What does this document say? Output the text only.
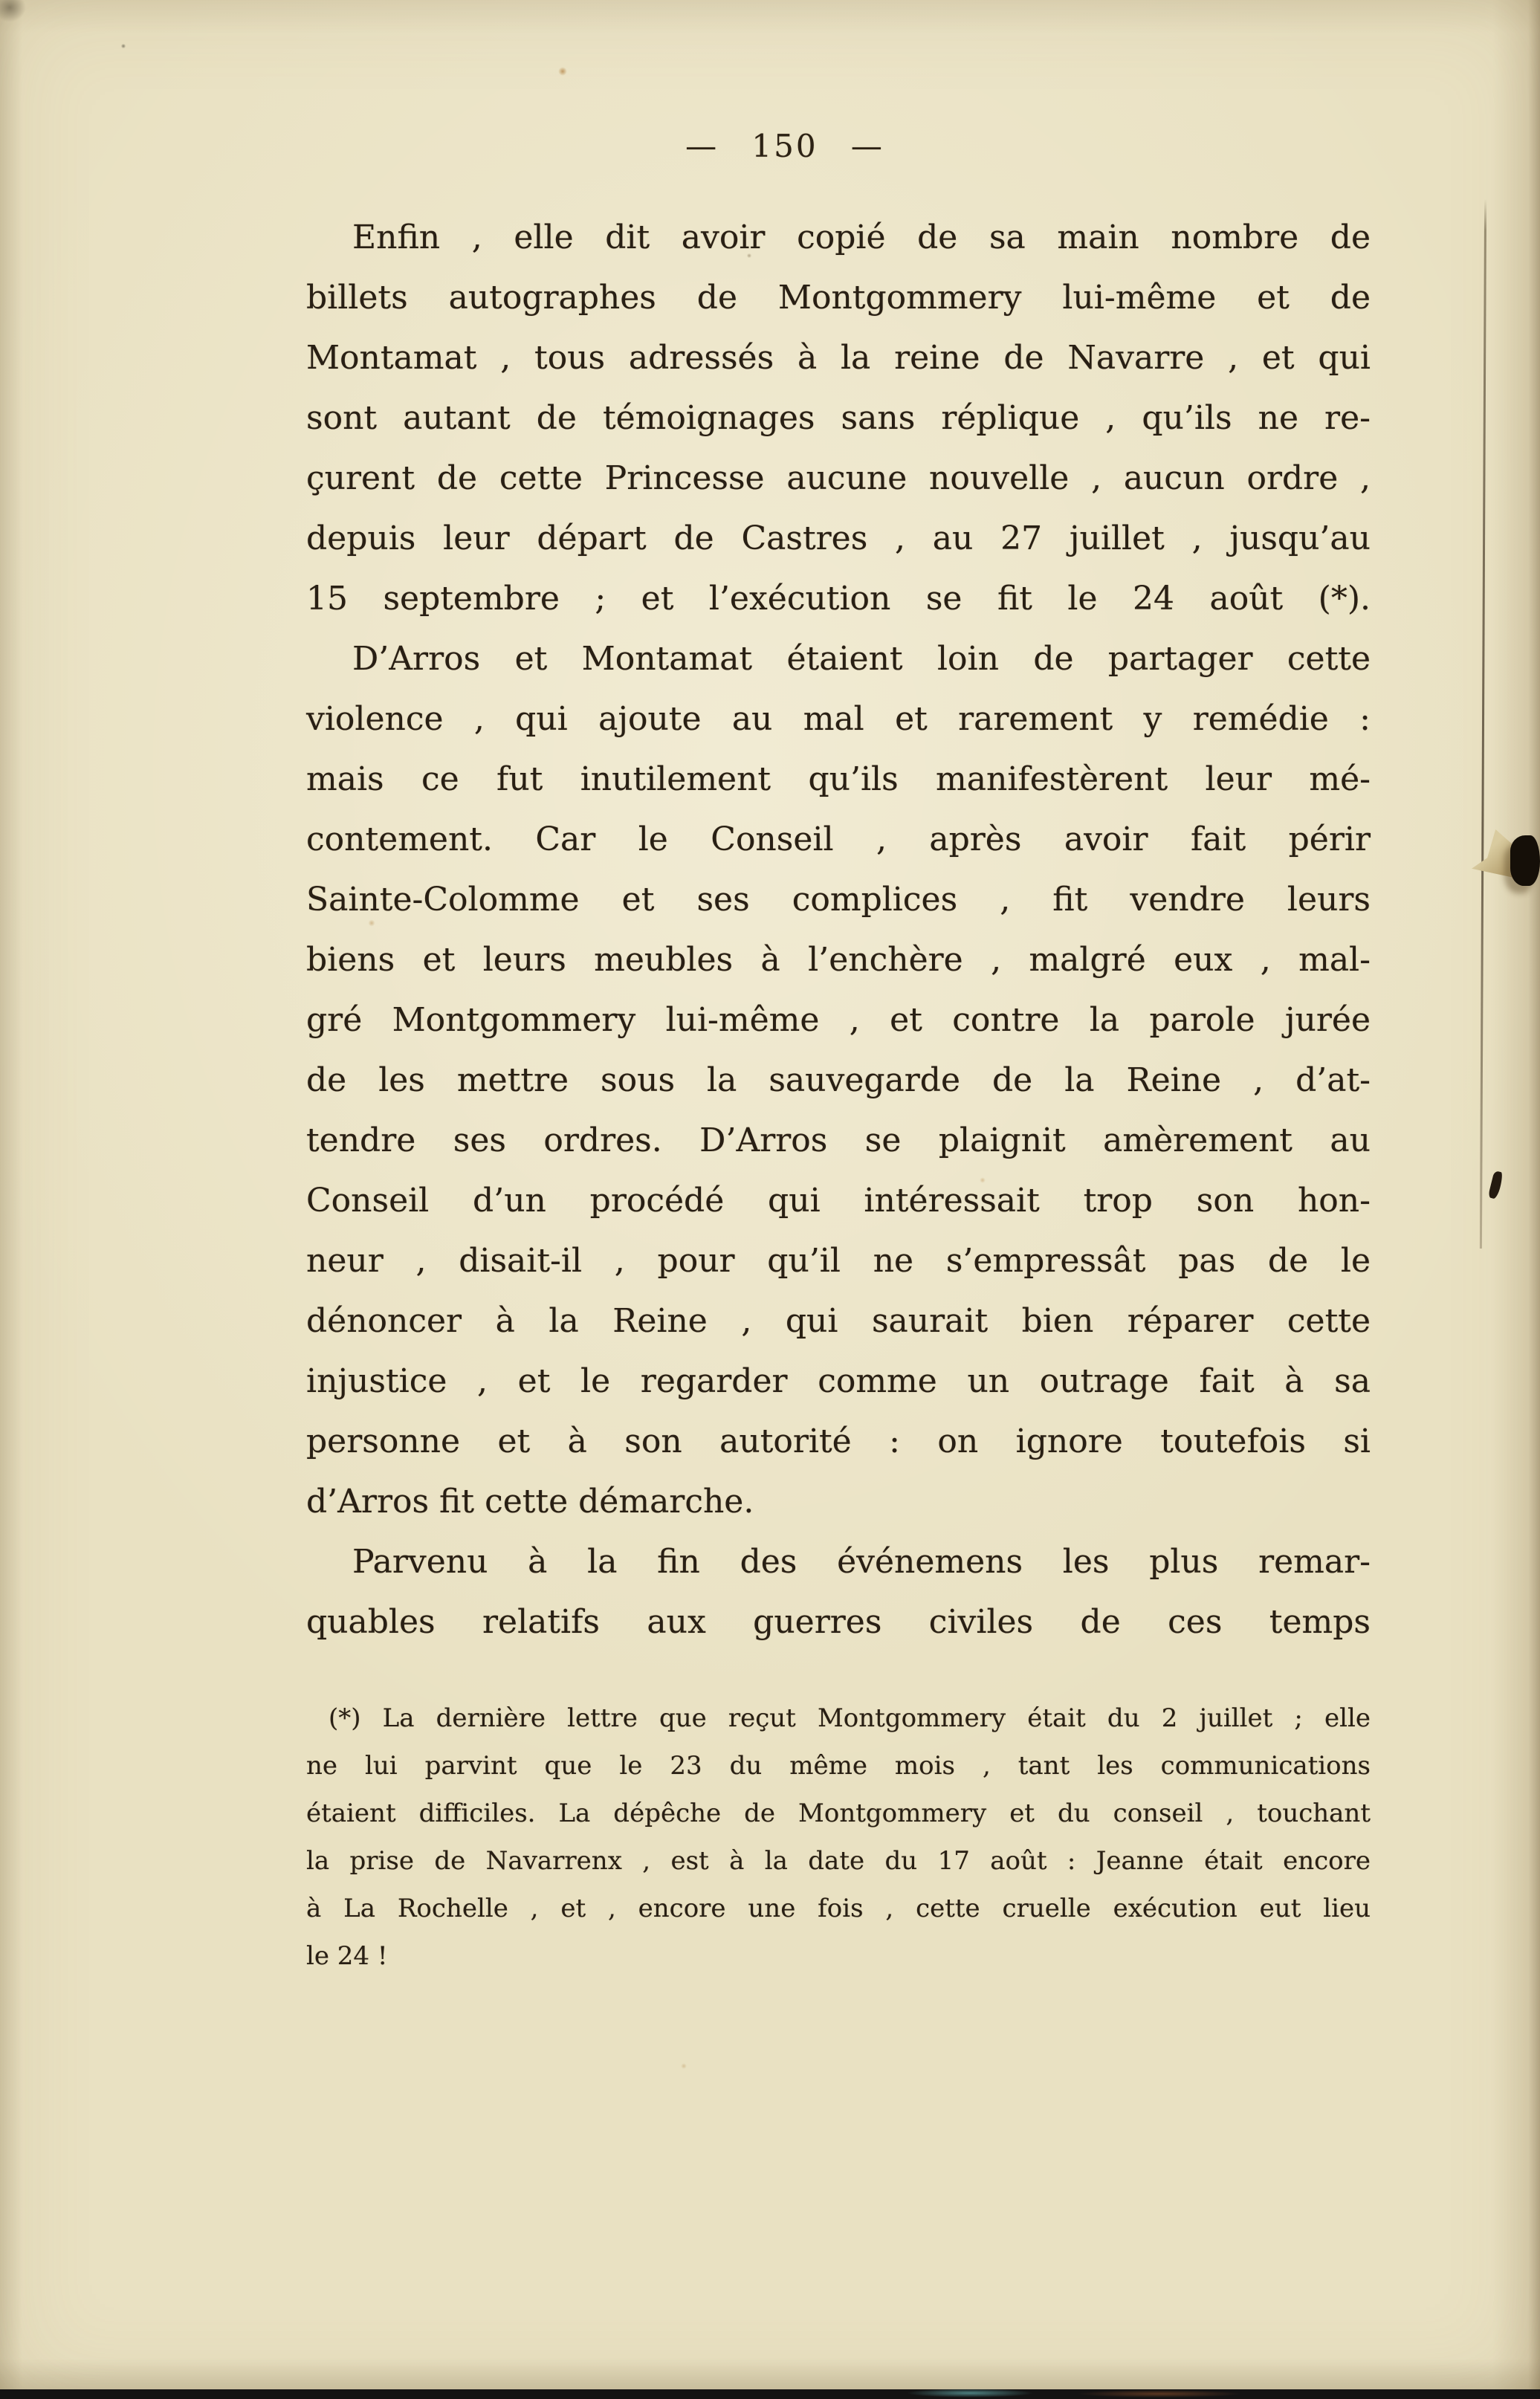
— 150 —
Enfin , elle dit avoir copié de sa main nombre de
billets autographes de Montgommery lui-même et de
Montamat , tous adressés à la reine de Navarre , et qui
sont autant de témoignages sans réplique , qu’ils ne re-
çurent de cette Princesse aucune nouvelle , aucun ordre ,
depuis leur départ de Castres , au 27 juillet , jusqu’au
15 septembre ; et l’exécution se fit le 24 août (*).
D’Arros et Montamat étaient loin de partager cette
violence , qui ajoute au mal et rarement y remédie :
mais ce fut inutilement qu’ils manifestèrent leur mé-
contement. Car le Conseil , après avoir fait périr
Sainte-Colomme et ses complices , fit vendre leurs
biens et leurs meubles à l’enchère , malgré eux , mal-
gré Montgommery lui-même , et contre la parole jurée
de les mettre sous la sauvegarde de la Reine , d’at-
tendre ses ordres. D’Arros se plaignit amèrement au
Conseil d’un procédé qui intéressait trop son hon-
neur , disait-il , pour qu’il ne s’empressât pas de le
dénoncer à la Reine , qui saurait bien réparer cette
injustice , et le regarder comme un outrage fait à sa
personne et à son autorité : on ignore toutefois si
d’Arros fit cette démarche.
Parvenu à la fin des événemens les plus remar-
quables relatifs aux guerres civiles de ces temps
(*) La dernière lettre que reçut Montgommery était du 2 juillet ; elle
ne lui parvint que le 23 du même mois , tant les communications
étaient difficiles. La dépêche de Montgommery et du conseil , touchant
la prise de Navarrenx , est à la date du 17 août : Jeanne était encore
à La Rochelle , et , encore une fois , cette cruelle exécution eut lieu
le 24 !
